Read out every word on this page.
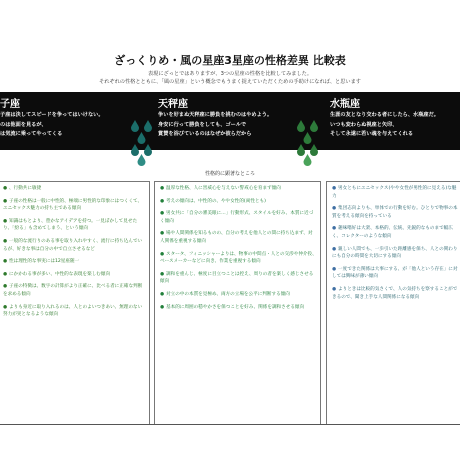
ざっくりめ・風の星座3星座の性格差異 比較表
表現にざっとではありますが、3つの星座の性格を比較してみました。
それぞれの性格とともに、「風の星座」という概念でもうまく捉えていただくための手助けになれば、と思います
子座
子座は決してスピードを争ってはいけない。
のは他面を見るが、
は気流に乗ってやってくる
天秤座
争いを好まぬ天秤座に勝負を挑むのはやめよう。
身安に行って勝負をしても、ゴールで
賞賛を浴びているのはなぜか彼らだから
水瓶座
生涯の友となり交わる者にしたら、水瓶座だ。
いつも変わらぬ視座と矢印、
そして永遠に若い魂を与えてくれる
性格的に顕著なところ
● 、行動共に敏捷
● 子座の性格は一般に中性的、極端に男性的な印象にはつくくて、ユニセックス魅力の持ち主である傾向
● 知識はもとより、豊かなアイデアを持つ。一見ぼかして見せたり、「紛る」も含めてしまう、という傾向
● 一般的な流行りのある事を取り入れやすく、流行に持ち込んでいるが、好きな事は自分の中で自立させるなど
● 性は理性的な事実には12星座随一
● にかかわる事が多い、中性的な表現を楽しむ傾向
● 子座の特徴は、数字の計算がより正確に、比べる者に正確な判断を求める傾向
● よりも身近に取り入れるのは、人とのよいつきあい、無理のない努力が実となるような傾向
● 温厚な性格、人に害威心を与えない警戒心を育まず傾向
● 考えの傾向は、中性的の、やや女性的(両性とも)
● 男女共に「自分の審美眼に…」行動形式、スタイルを好み、本質に近づく傾向
● 場や人間関係を知るものの、自分の考えを他人との間に持ち込まず、対人関係を重視する傾向
● スタータ、フィニッシャーよりは、物事の中間点・人との交渉や仲介役、ベースメーカーなどに向き、作業を重視する傾向
● 調和を重んじ、極度に目立つことは控え、周りの者を楽しく感じさせる傾向
● 対立の中の本質を見極め、両方の立場を公平に判断する傾向
● 基本的に周囲の穏やかさを保つことを好み、関係を調和させる傾向
● 男女ともにユニセックス(やや女性が男性的に見える)な魅力
● 集団志向よりも、単体での行動を好む。ひとりで物事の本質を考える傾向を持っている
● 趣味嗜好は大衆、本格的、伝統、先鋭的なものまで幅広く、コレクターのような傾向
● 親しい人間でも、一歩引いた距離感を保ち、人との関わりにも自分の時間を大切にする傾向
● 一度できた関係は大事にする、が「他人という存在」に対しては興味が薄い傾向
● よりときは比較的気さくで、人の気持ちを察することができるので、聞き上手な人間関係になる傾向
